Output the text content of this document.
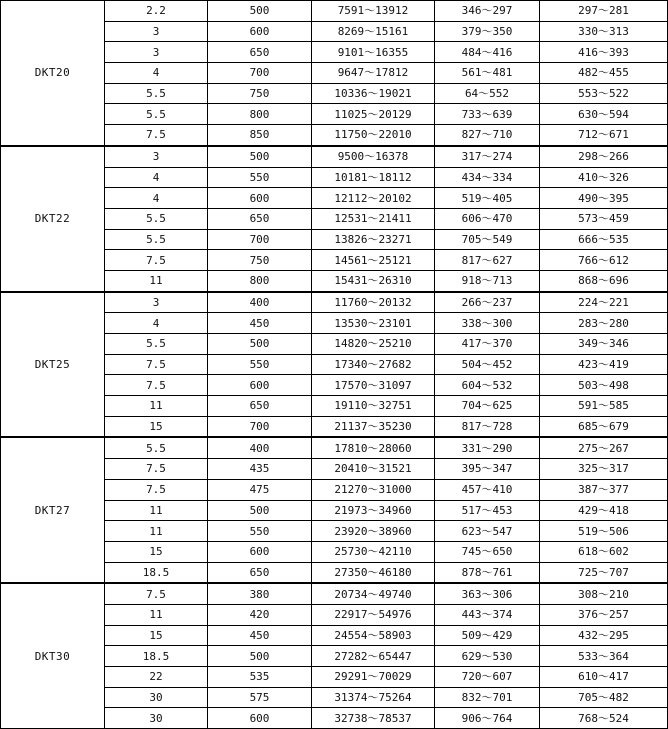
DKT20	2.2	500	7591～13912	346～297	297～281
	3	600	8269～15161	379～350	330～313
	3	650	9101～16355	484～416	416～393
	4	700	9647～17812	561～481	482～455
	5.5	750	10336～19021	64～552	553～522
	5.5	800	11025～20129	733～639	630～594
	7.5	850	11750～22010	827～710	712～671
DKT22	3	500	9500～16378	317～274	298～266
	4	550	10181～18112	434～334	410～326
	4	600	12112～20102	519～405	490～395
	5.5	650	12531～21411	606～470	573～459
	5.5	700	13826～23271	705～549	666～535
	7.5	750	14561～25121	817～627	766～612
	11	800	15431～26310	918～713	868～696
DKT25	3	400	11760～20132	266～237	224～221
	4	450	13530～23101	338～300	283～280
	5.5	500	14820～25210	417～370	349～346
	7.5	550	17340～27682	504～452	423～419
	7.5	600	17570～31097	604～532	503～498
	11	650	19110～32751	704～625	591～585
	15	700	21137～35230	817～728	685～679
DKT27	5.5	400	17810～28060	331～290	275～267
	7.5	435	20410～31521	395～347	325～317
	7.5	475	21270～31000	457～410	387～377
	11	500	21973～34960	517～453	429～418
	11	550	23920～38960	623～547	519～506
	15	600	25730～42110	745～650	618～602
	18.5	650	27350～46180	878～761	725～707
DKT30	7.5	380	20734～49740	363～306	308～210
	11	420	22917～54976	443～374	376～257
	15	450	24554～58903	509～429	432～295
	18.5	500	27282～65447	629～530	533～364
	22	535	29291～70029	720～607	610～417
	30	575	31374～75264	832～701	705～482
	30	600	32738～78537	906～764	768～524
